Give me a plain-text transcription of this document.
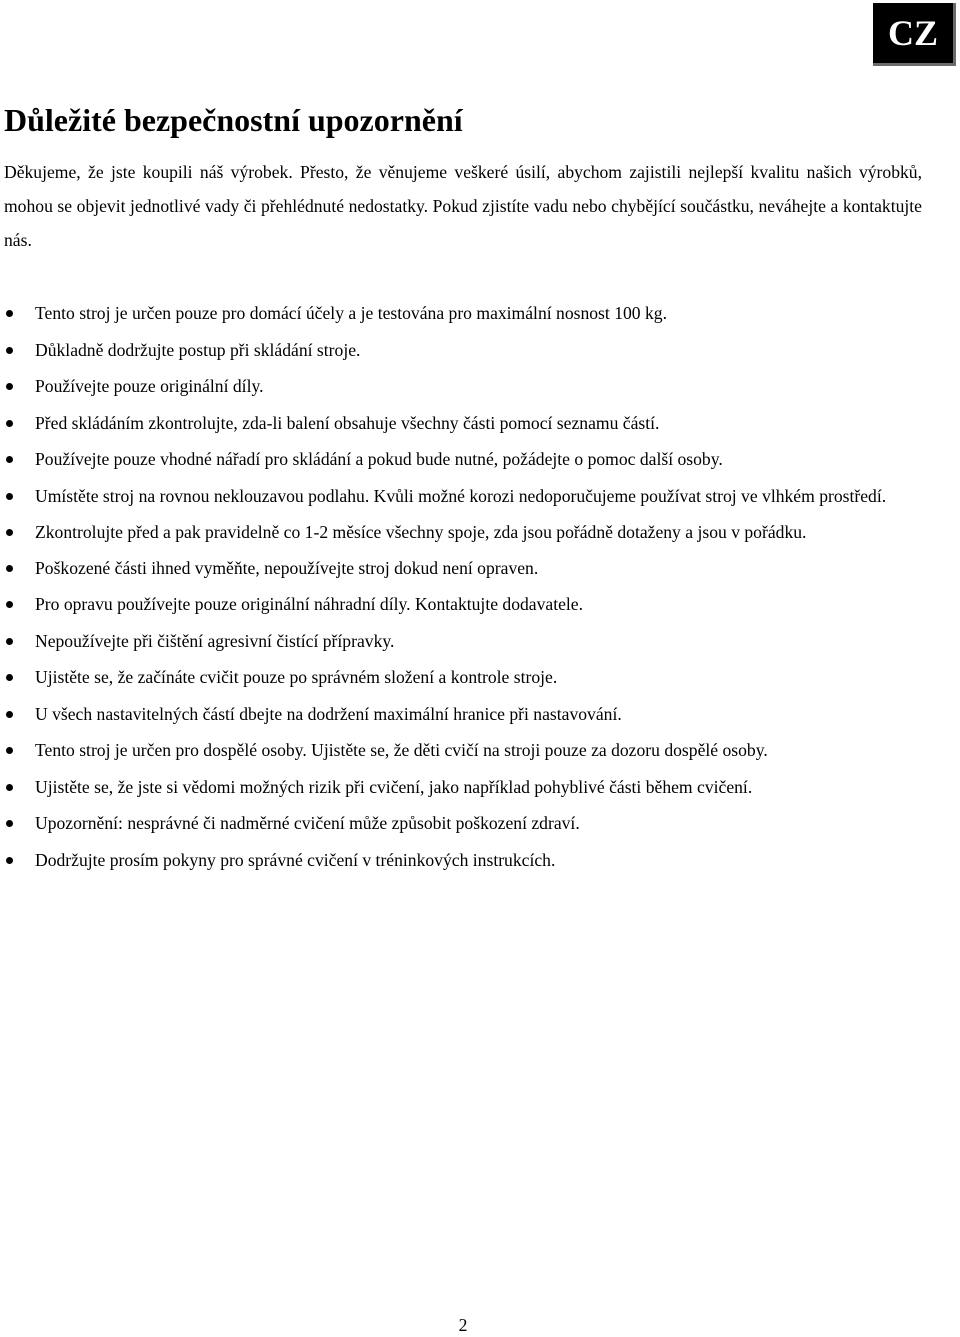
CZ
Důležité bezpečnostní upozornění

Děkujeme, že jste koupili náš výrobek. Přesto, že věnujeme veškeré úsilí, abychom zajistili nejlepší kvalitu našich výrobků, mohou se objevit jednotlivé vady či přehlédnuté nedostatky. Pokud zjistíte vadu nebo chybějící součástku, neváhejte a kontaktujte nás.

Tento stroj je určen pouze pro domácí účely a je testována pro maximální nosnost 100 kg.
Důkladně dodržujte postup při skládání stroje.
Používejte pouze originální díly.
Před skládáním zkontrolujte, zda-li balení obsahuje všechny části pomocí seznamu částí.
Používejte pouze vhodné nářadí pro skládání a pokud bude nutné, požádejte o pomoc další osoby.
Umístěte stroj na rovnou neklouzavou podlahu. Kvůli možné korozi nedoporučujeme používat stroj ve vlhkém prostředí.
Zkontrolujte před a pak pravidelně co 1-2 měsíce všechny spoje, zda jsou pořádně dotaženy a jsou v pořádku.
Poškozené části ihned vyměňte, nepoužívejte stroj dokud není opraven.
Pro opravu používejte pouze originální náhradní díly. Kontaktujte dodavatele.
Nepoužívejte při čištění agresivní čistící přípravky.
Ujistěte se, že začínáte cvičit pouze po správném složení a kontrole stroje.
U všech nastavitelných částí dbejte na dodržení maximální hranice při nastavování.
Tento stroj je určen pro dospělé osoby. Ujistěte se, že děti cvičí na stroji pouze za dozoru dospělé osoby.
Ujistěte se, že jste si vědomi možných rizik při cvičení, jako například pohyblivé části během cvičení.
Upozornění: nesprávné či nadměrné cvičení může způsobit poškození zdraví.
Dodržujte prosím pokyny pro správné cvičení v tréninkových instrukcích.
2
